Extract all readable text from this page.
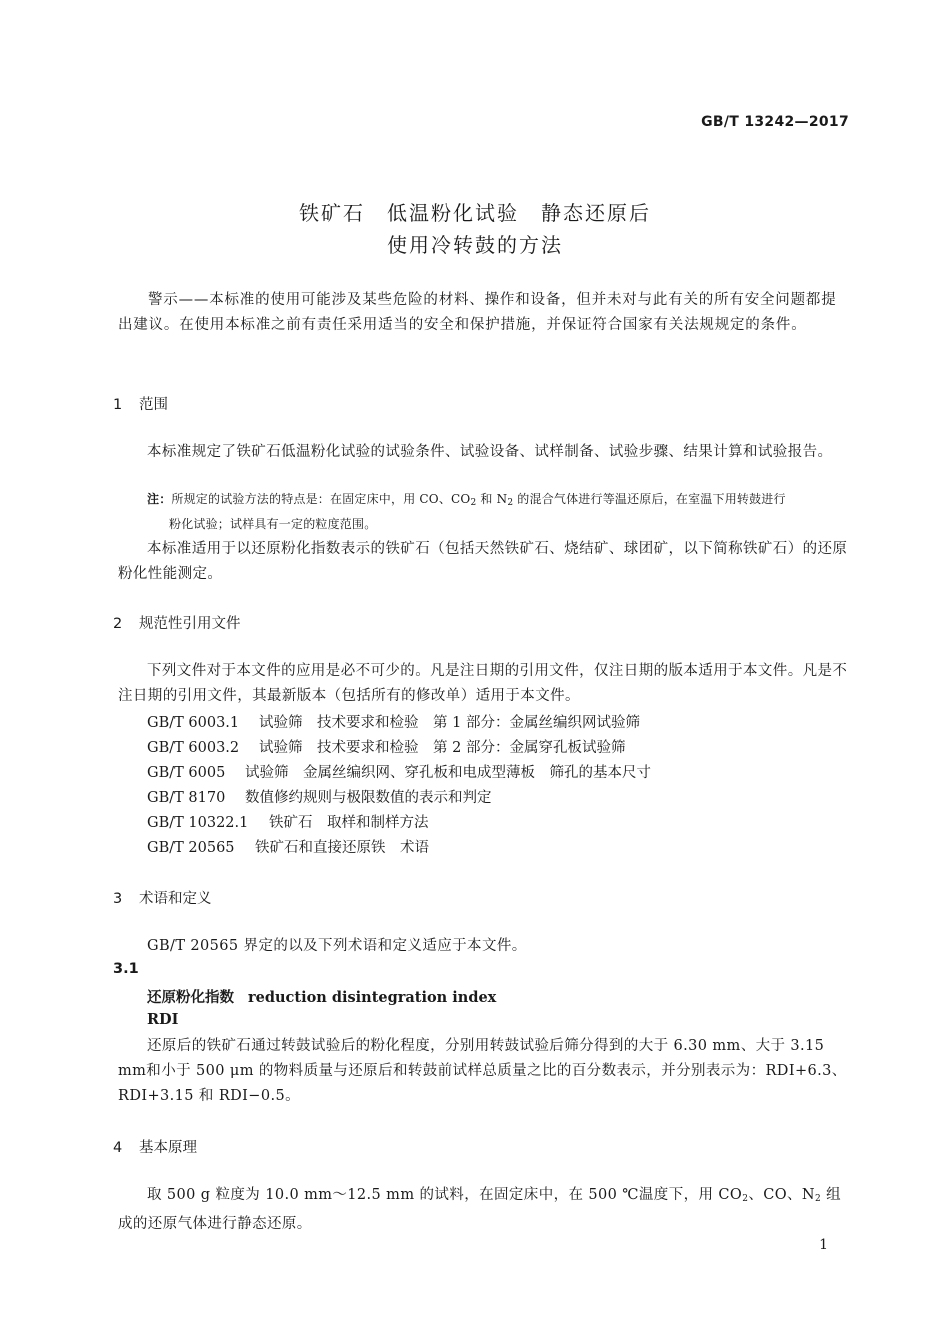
GB/T 13242—2017
铁矿石　低温粉化试验　静态还原后
使用冷转鼓的方法
警示——本标准的使用可能涉及某些危险的材料、操作和设备，但并未对与此有关的所有安全问题都提出建议。在使用本标准之前有责任采用适当的安全和保护措施，并保证符合国家有关法规规定的条件。
1 范围
本标准规定了铁矿石低温粉化试验的试验条件、试验设备、试样制备、试验步骤、结果计算和试验报告。
注：所规定的试验方法的特点是：在固定床中，用 CO、$CO_2$ 和 $N_2$ 的混合气体进行等温还原后，在室温下用转鼓进行
粉化试验；试样具有一定的粒度范围。
本标准适用于以还原粉化指数表示的铁矿石（包括天然铁矿石、烧结矿、球团矿，以下简称铁矿石）的还原粉化性能测定。
2 规范性引用文件
下列文件对于本文件的应用是必不可少的。凡是注日期的引用文件，仅注日期的版本适用于本文件。凡是不注日期的引用文件，其最新版本（包括所有的修改单）适用于本文件。
GB/T 6003.1 试验筛　技术要求和检验　第 1 部分：金属丝编织网试验筛
GB/T 6003.2 试验筛　技术要求和检验　第 2 部分：金属穿孔板试验筛
GB/T 6005 试验筛　金属丝编织网、穿孔板和电成型薄板　筛孔的基本尺寸
GB/T 8170 数值修约规则与极限数值的表示和判定
GB/T 10322.1 铁矿石　取样和制样方法
GB/T 20565 铁矿石和直接还原铁　术语
3 术语和定义
GB/T 20565 界定的以及下列术语和定义适应于本文件。
3.1
还原粉化指数 reduction disintegration index
RDI
还原后的铁矿石通过转鼓试验后的粉化程度，分别用转鼓试验后筛分得到的大于 6.30 mm、大于 3.15 mm和小于 500 μm 的物料质量与还原后和转鼓前试样总质量之比的百分数表示，并分别表示为：RDI+6.3、RDI+3.15 和 RDI−0.5。
4 基本原理
取 500 g 粒度为 10.0 mm～12.5 mm 的试料，在固定床中，在 500 ℃温度下，用 $CO_2$、CO、$N_2$ 组成的还原气体进行静态还原。
1
